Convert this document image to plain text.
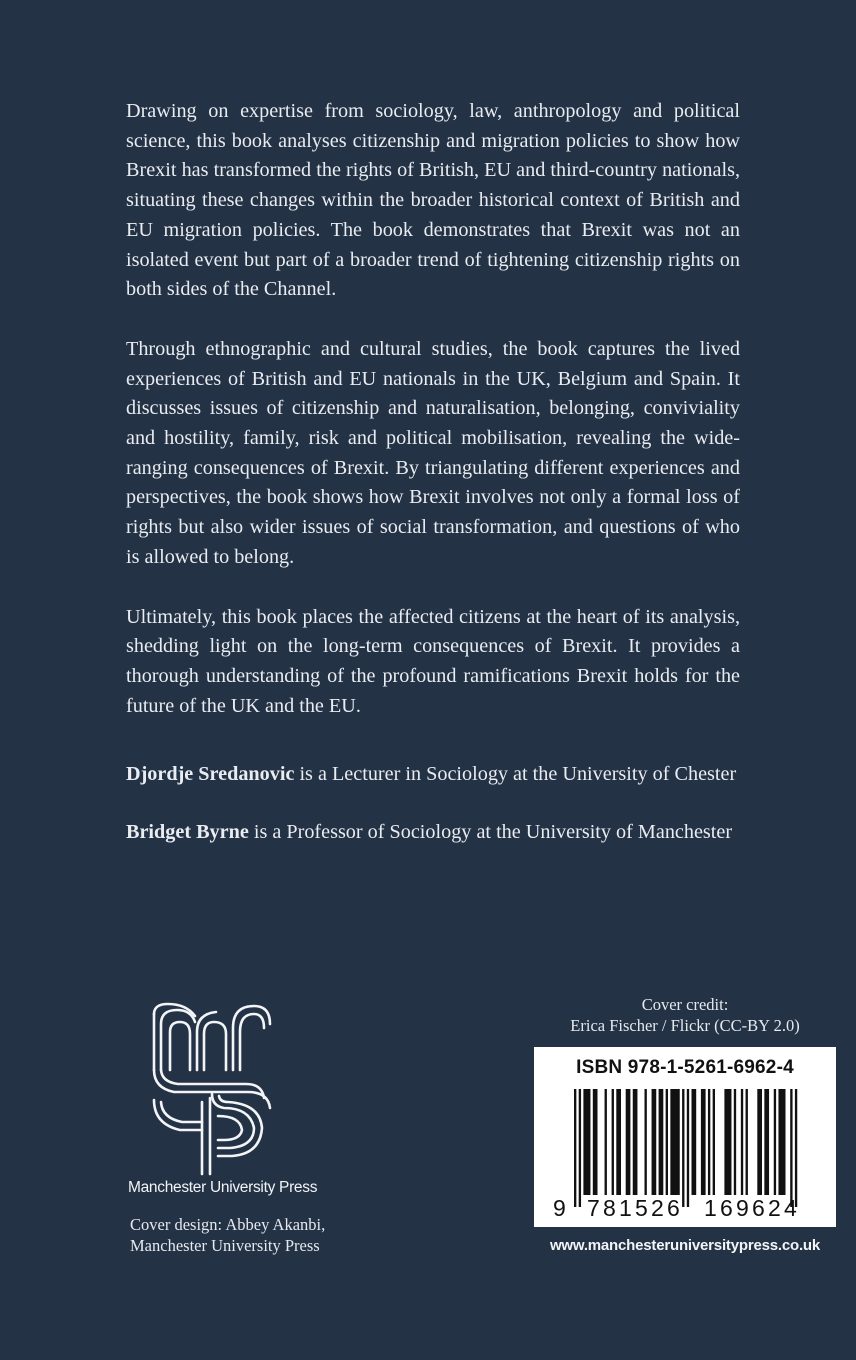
Drawing on expertise from sociology, law, anthropology and political science, this book analyses citizenship and migration policies to show how Brexit has transformed the rights of British, EU and third-country nationals, situating these changes within the broader historical context of British and EU migration policies. The book demonstrates that Brexit was not an isolated event but part of a broader trend of tightening citizenship rights on both sides of the Channel.

Through ethnographic and cultural studies, the book captures the lived experiences of British and EU nationals in the UK, Belgium and Spain. It discusses issues of citizenship and naturalisation, belonging, conviviality and hostility, family, risk and political mobilisation, revealing the wide-ranging consequences of Brexit. By triangulating different experiences and perspectives, the book shows how Brexit involves not only a formal loss of rights but also wider issues of social transformation, and questions of who is allowed to belong.

Ultimately, this book places the affected citizens at the heart of its analysis, shedding light on the long-term consequences of Brexit. It provides a thorough understanding of the profound ramifications Brexit holds for the future of the UK and the EU.

Djordje Sredanovic is a Lecturer in Sociology at the University of Chester
Bridget Byrne is a Professor of Sociology at the University of Manchester
Manchester University Press
Cover design: Abbey Akanbi,
Manchester University Press
Cover credit:
Erica Fischer / Flickr (CC-BY 2.0)
ISBN 978-1-5261-6962-4
9 781526 169624
www.manchesteruniversitypress.co.uk
